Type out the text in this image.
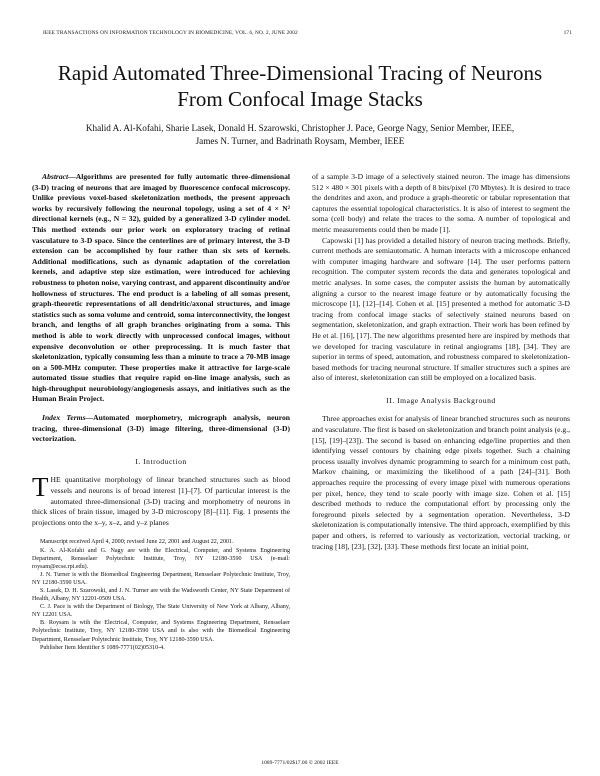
IEEE TRANSACTIONS ON INFORMATION TECHNOLOGY IN BIOMEDICINE, VOL. 6, NO. 2, JUNE 2002	171
Rapid Automated Three-Dimensional Tracing of Neurons From Confocal Image Stacks
Khalid A. Al-Kofahi, Sharie Lasek, Donald H. Szarowski, Christopher J. Pace, George Nagy, Senior Member, IEEE,
James N. Turner, and Badrinath Roysam, Member, IEEE

Abstract—Algorithms are presented for fully automatic three-dimensional (3-D) tracing of neurons that are imaged by fluorescence confocal microscopy. Unlike previous voxel-based skeletonization methods, the present approach works by recursively following the neuronal topology, using a set of 4 × N² directional kernels (e.g., N = 32), guided by a generalized 3-D cylinder model. This method extends our prior work on exploratory tracing of retinal vasculature to 3-D space. Since the centerlines are of primary interest, the 3-D extension can be accomplished by four rather than six sets of kernels. Additional modifications, such as dynamic adaptation of the correlation kernels, and adaptive step size estimation, were introduced for achieving robustness to photon noise, varying contrast, and apparent discontinuity and/or hollowness of structures. The end product is a labeling of all somas present, graph-theoretic representations of all dendritic/axonal structures, and image statistics such as soma volume and centroid, soma interconnectivity, the longest branch, and lengths of all graph branches originating from a soma. This method is able to work directly with unprocessed confocal images, without expensive deconvolution or other preprocessing. It is much faster that skeletonization, typically consuming less than a minute to trace a 70-MB image on a 500-MHz computer. These properties make it attractive for large-scale automated tissue studies that require rapid on-line image analysis, such as high-throughput neurobiology/angiogenesis assays, and initiatives such as the Human Brain Project.

Index Terms—Automated morphometry, micrograph analysis, neuron tracing, three-dimensional (3-D) image filtering, three-dimensional (3-D) vectorization.

I. Introduction

THE quantitative morphology of linear branched structures such as blood vessels and neurons is of broad interest [1]–[7]. Of particular interest is the automated three-dimensional (3-D) tracing and morphometry of neurons in thick slices of brain tissue, imaged by 3-D microscopy [8]–[11]. Fig. 1 presents the projections onto the x–y, x–z, and y–z planes

Manuscript received April 4, 2000; revised June 22, 2001 and August 22, 2001.

K. A. Al-Kofahi and G. Nagy are with the Electrical, Computer, and Systems Engineering Department, Rensselaer Polytechnic Institute, Troy, NY 12180-3590 USA (e-mail: roysam@ecse.rpi.edu).

J. N. Turner is with the Biomedical Engineering Department, Rensselaer Polytechnic Institute, Troy, NY 12180-3590 USA.

S. Lasek, D. H. Szarowski, and J. N. Turner are with the Wadsworth Center, NY State Department of Health, Albany, NY 12201-0509 USA.

C. J. Pace is with the Department of Biology, The State University of New York at Albany, Albany, NY 12201 USA.

B. Roysam is with the Electrical, Computer, and Systems Engineering Department, Rensselaer Polytechnic Institute, Troy, NY 12180-3590 USA and is also with the Biomedical Engineering Department, Rensselaer Polytechnic Institute, Troy, NY 12180-3590 USA.

Publisher Item Identifier S 1089-7771(02)05310-4.

of a sample 3-D image of a selectively stained neuron. The image has dimensions 512 × 480 × 301 pixels with a depth of 8 bits/pixel (70 Mbytes). It is desired to trace the dendrites and axon, and produce a graph-theoretic or tabular representation that captures the essential topological characteristics. It is also of interest to segment the soma (cell body) and relate the traces to the soma. A number of topological and metric measurements could then be made [1].

Capowski [1] has provided a detailed history of neuron tracing methods. Briefly, current methods are semiautomatic. A human interacts with a microscope enhanced with computer imaging hardware and software [14]. The user performs pattern recognition. The computer system records the data and generates topological and metric analyses. In some cases, the computer assists the human by automatically aligning a cursor to the nearest image feature or by automatically focusing the microscope [1], [12]–[14]. Cohen et al. [15] presented a method for automatic 3-D tracing from confocal image stacks of selectively stained neurons based on segmentation, skeletonization, and graph extraction. Their work has been refined by He et al. [16], [17]. The new algorithms presented here are inspired by methods that we developed for tracing vasculature in retinal angiograms [18], [34]. They are superior in terms of speed, automation, and robustness compared to skeletonization-based methods for tracing neuronal structure. If smaller structures such a spines are also of interest, skeletonization can still be employed on a localized basis.

II. Image Analysis Background

Three approaches exist for analysis of linear branched structures such as neurons and vasculature. The first is based on skeletonization and branch point analysis (e.g., [15], [19]–[23]). The second is based on enhancing edge/line properties and then identifying vessel contours by chaining edge pixels together. Such a chaining process usually involves dynamic programming to search for a minimum cost path, Markov chaining, or maximizing the likelihood of a path [24]–[31]. Both approaches require the processing of every image pixel with numerous operations per pixel, hence, they tend to scale poorly with image size. Cohen et al. [15] described methods to reduce the computational effort by processing only the foreground pixels selected by a segmentation operation. Nevertheless, 3-D skeletonization is computationally intensive. The third approach, exemplified by this paper and others, is referred to variously as vectorization, vectorial tracking, or tracing [18], [23], [32], [33]. These methods first locate an initial point,

1089-7771/02$17.00 © 2002 IEEE
